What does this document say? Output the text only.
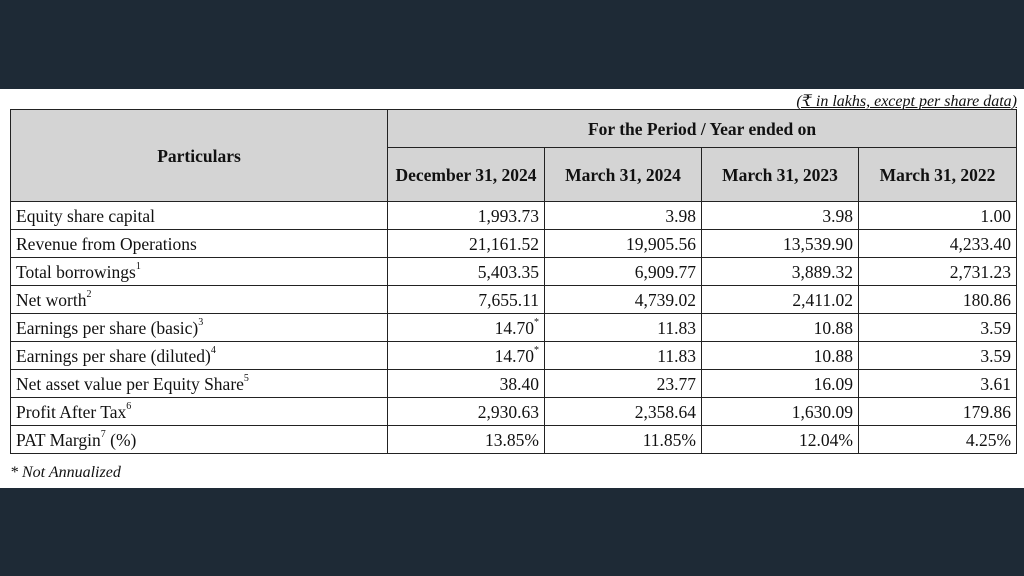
(₹ in lakhs, except per share data)
Particulars	For the Period / Year ended on			
	December 31, 2024	March 31, 2024	March 31, 2023	March 31, 2022
Equity share capital	1,993.73	3.98	3.98	1.00
Revenue from Operations	21,161.52	19,905.56	13,539.90	4,233.40
Total borrowings$^1$	5,403.35	6,909.77	3,889.32	2,731.23
Net worth$^2$	7,655.11	4,739.02	2,411.02	180.86
Earnings per share (basic)$^3$	14.70*	11.83	10.88	3.59
Earnings per share (diluted)$^4$	14.70*	11.83	10.88	3.59
Net asset value per Equity Share$^5$	38.40	23.77	16.09	3.61
Profit After Tax$^6$	2,930.63	2,358.64	1,630.09	179.86
PAT Margin$^7$ (%)	13.85%	11.85%	12.04%	4.25%
* Not Annualized
